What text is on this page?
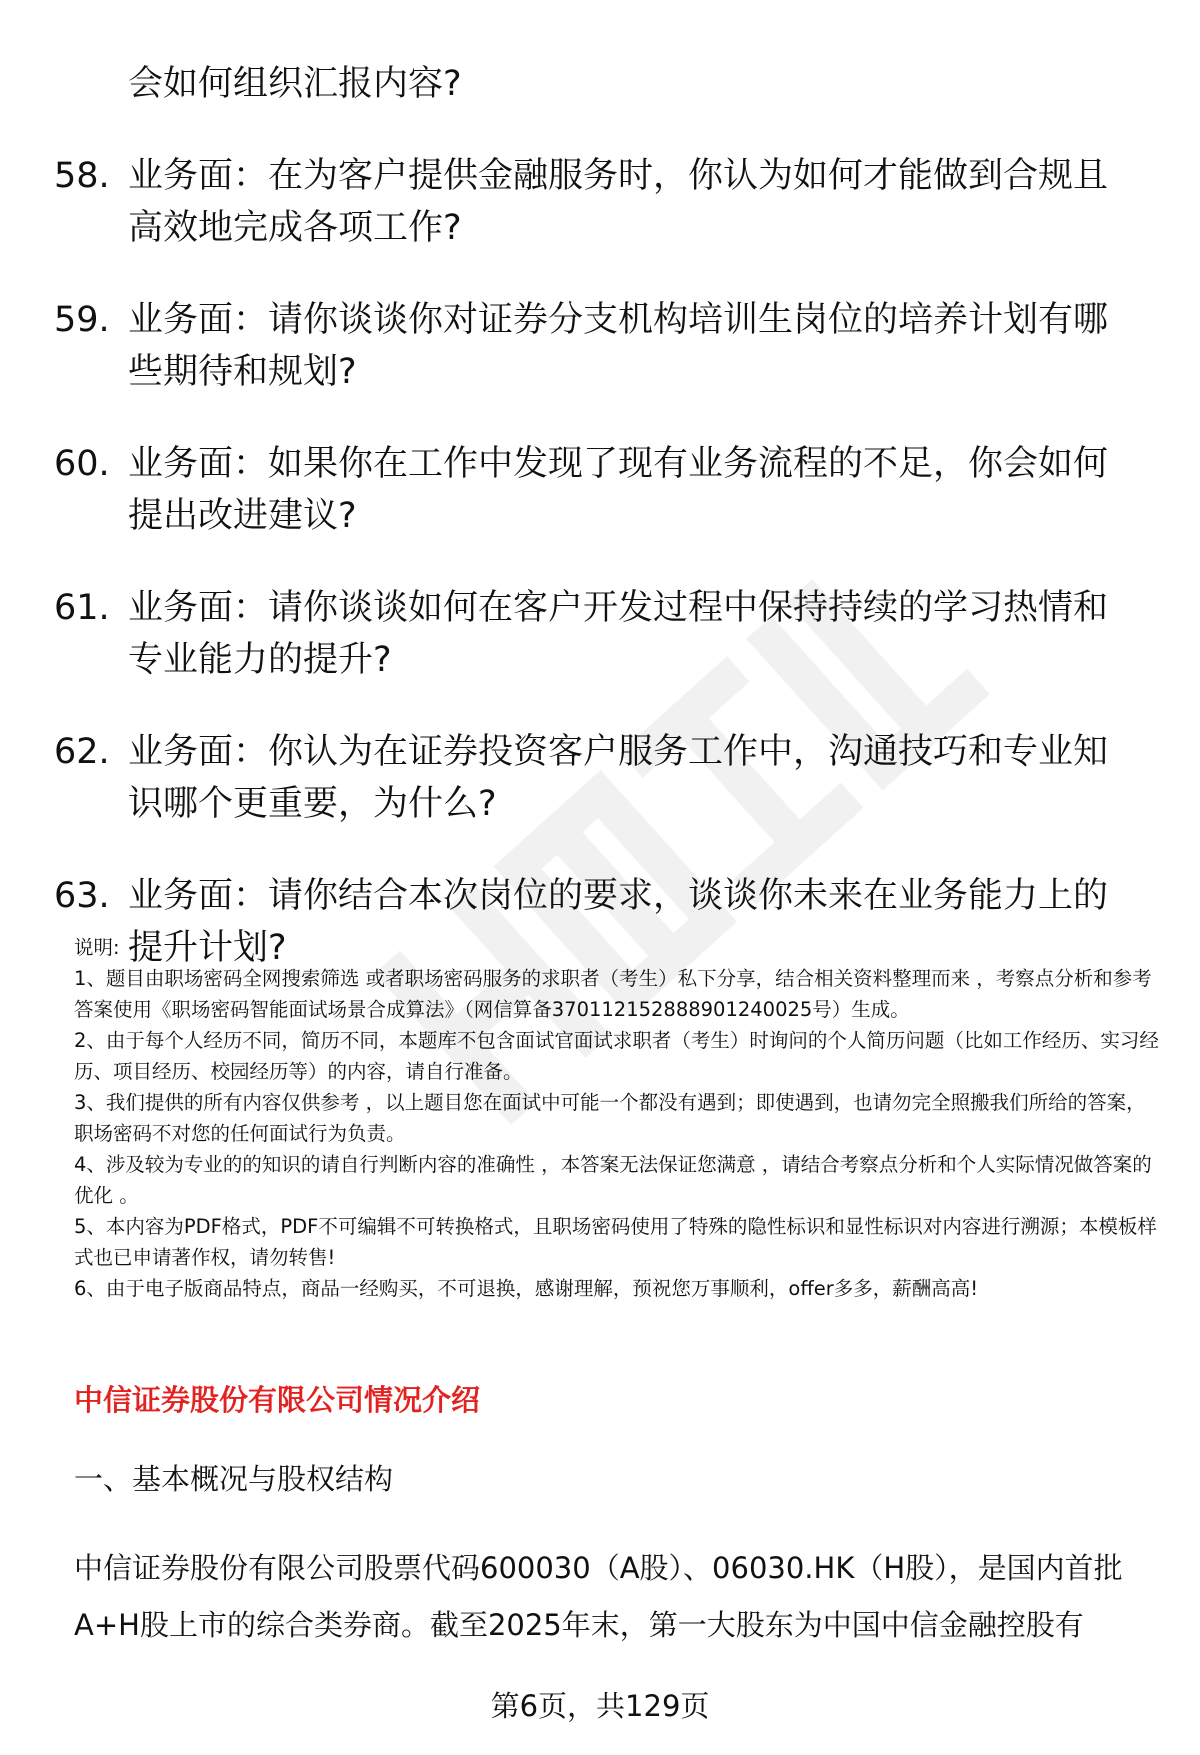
会如何组织汇报内容?
58. 业务面：在为客户提供金融服务时，你认为如何才能做到合规且高效地完成各项工作?
59. 业务面：请你谈谈你对证券分支机构培训生岗位的培养计划有哪些期待和规划?
60. 业务面：如果你在工作中发现了现有业务流程的不足，你会如何提出改进建议?
61. 业务面：请你谈谈如何在客户开发过程中保持持续的学习热情和专业能力的提升?
62. 业务面：你认为在证券投资客户服务工作中，沟通技巧和专业知识哪个更重要，为什么?
63. 业务面：请你结合本次岗位的要求，谈谈你未来在业务能力上的提升计划?

说明:

1、题目由职场密码全网搜索筛选 或者职场密码服务的求职者（考生）私下分享，结合相关资料整理而来 ，考察点分析和参考答案使用《职场密码智能面试场景合成算法》（网信算备370112152888901240025号）生成。

2、由于每个人经历不同，简历不同，本题库不包含面试官面试求职者（考生）时询问的个人简历问题（比如工作经历、实习经历、项目经历、校园经历等）的内容，请自行准备。

3、我们提供的所有内容仅供参考 ，以上题目您在面试中可能一个都没有遇到；即使遇到，也请勿完全照搬我们所给的答案，职场密码不对您的任何面试行为负责。

4、涉及较为专业的的知识的请自行判断内容的准确性 ，本答案无法保证您满意 ，请结合考察点分析和个人实际情况做答案的优化 。

5、本内容为PDF格式，PDF不可编辑不可转换格式，且职场密码使用了特殊的隐性标识和显性标识对内容进行溯源；本模板样式也已申请著作权，请勿转售!

6、由于电子版商品特点，商品一经购买，不可退换，感谢理解，预祝您万事顺利，offer多多，薪酬高高!

中信证券股份有限公司情况介绍
一、基本概况与股权结构

中信证券股份有限公司股票代码600030（A股）、06030.HK（H股），是国内首批A+H股上市的综合类券商。截至2025年末，第一大股东为中国中信金融控股有

第6页，共129页
